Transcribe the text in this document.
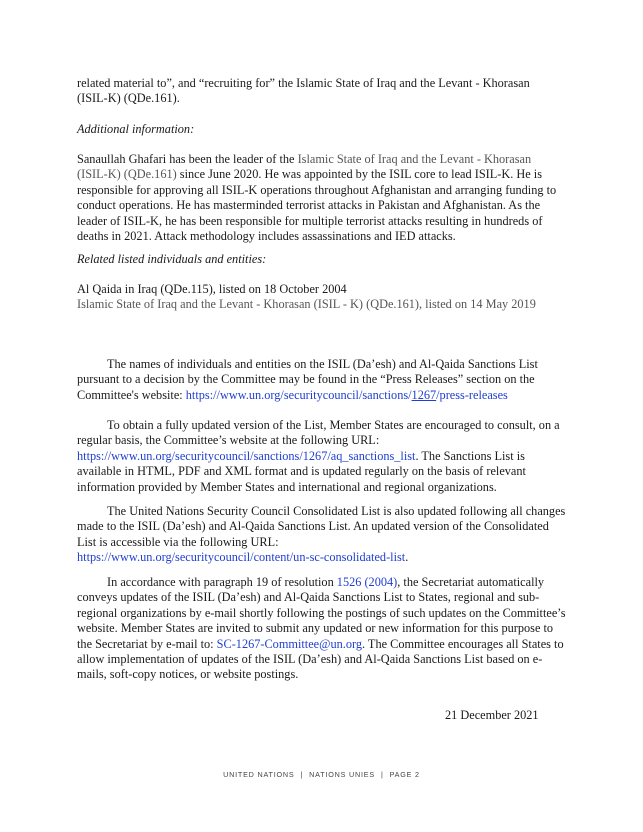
related material to”, and “recruiting for” the Islamic State of Iraq and the Levant - Khorasan
(ISIL-K) (QDe.161).
Additional information:
Sanaullah Ghafari has been the leader of the Islamic State of Iraq and the Levant - Khorasan
(ISIL-K) (QDe.161) since June 2020. He was appointed by the ISIL core to lead ISIL-K. He is responsible for approving all ISIL-K operations throughout Afghanistan and arranging funding to conduct operations. He has masterminded terrorist attacks in Pakistan and Afghanistan. As the leader of ISIL-K, he has been responsible for multiple terrorist attacks resulting in hundreds of deaths in 2021. Attack methodology includes assassinations and IED attacks.
Related listed individuals and entities:
Al Qaida in Iraq (QDe.115), listed on 18 October 2004
Islamic State of Iraq and the Levant - Khorasan (ISIL - K) (QDe.161), listed on 14 May 2019
The names of individuals and entities on the ISIL (Da’esh) and Al-Qaida Sanctions List pursuant to a decision by the Committee may be found in the “Press Releases” section on the Committee's website: https://www.un.org/securitycouncil/sanctions/1267/press-releases
To obtain a fully updated version of the List, Member States are encouraged to consult, on a regular basis, the Committee’s website at the following URL:
https://www.un.org/securitycouncil/sanctions/1267/aq_sanctions_list. The Sanctions List is available in HTML, PDF and XML format and is updated regularly on the basis of relevant information provided by Member States and international and regional organizations.
The United Nations Security Council Consolidated List is also updated following all changes made to the ISIL (Da’esh) and Al-Qaida Sanctions List. An updated version of the Consolidated List is accessible via the following URL:
https://www.un.org/securitycouncil/content/un-sc-consolidated-list.
In accordance with paragraph 19 of resolution 1526 (2004), the Secretariat automatically conveys updates of the ISIL (Da’esh) and Al-Qaida Sanctions List to States, regional and sub-regional organizations by e-mail shortly following the postings of such updates on the Committee’s website. Member States are invited to submit any updated or new information for this purpose to the Secretariat by e-mail to: SC-1267-Committee@un.org. The Committee encourages all States to allow implementation of updates of the ISIL (Da’esh) and Al-Qaida Sanctions List based on e-mails, soft-copy notices, or website postings.
21 December 2021
UNITED NATIONS | NATIONS UNIES | PAGE 2
